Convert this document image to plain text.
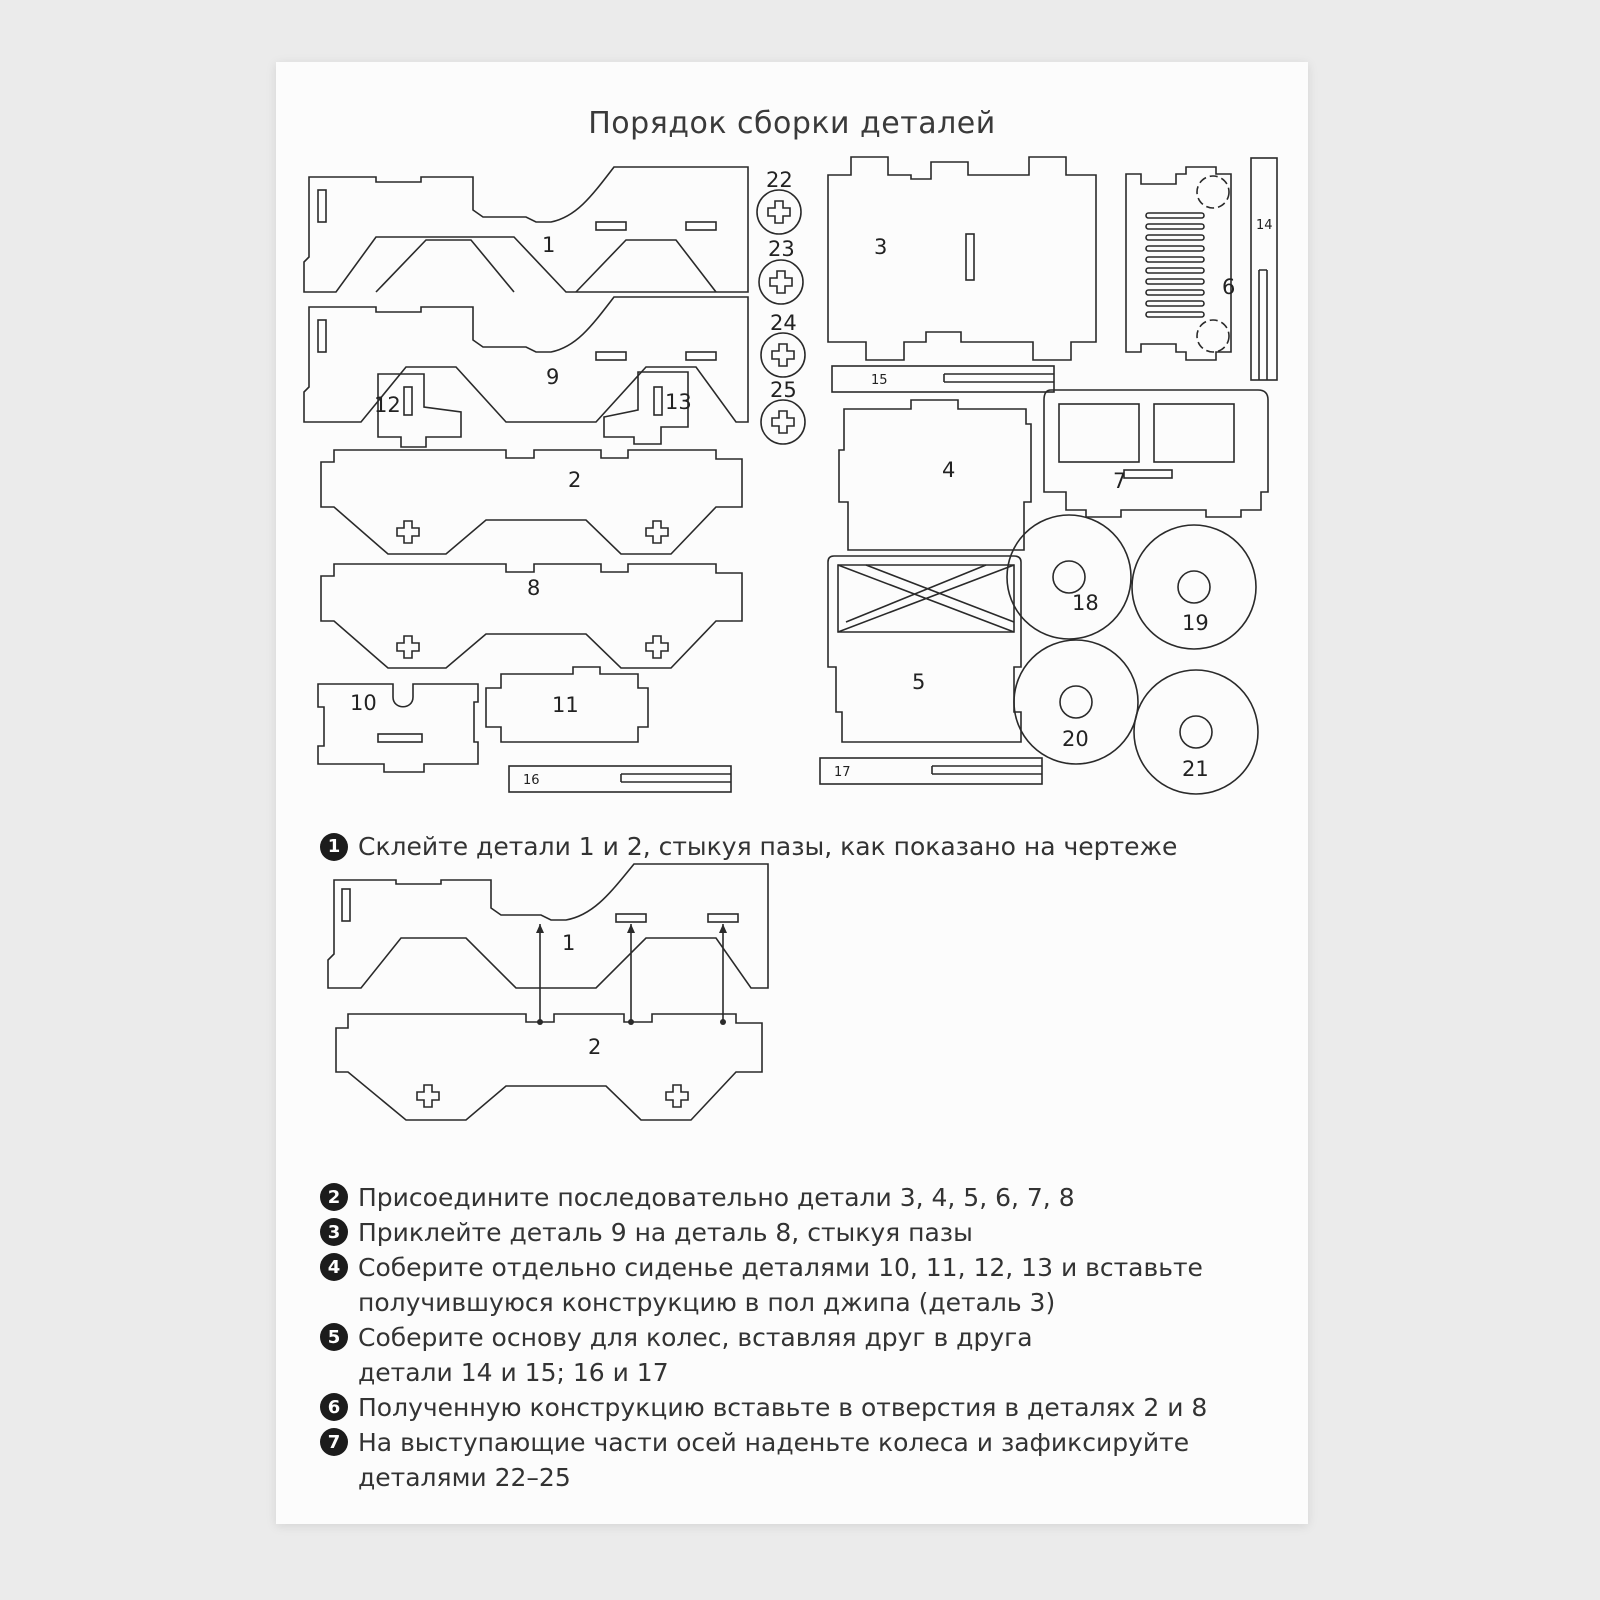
Порядок сборки деталей
1
9
12	13
2
8
10	11
16
17
22
23
24
25
3
15
6
14
4	7
5
18
19
20
21
1
2
1 Склейте детали 1 и 2, стыкуя пазы, как показано на чертеже
2 Присоедините последовательно детали 3, 4, 5, 6, 7, 8
3 Приклейте деталь 9 на деталь 8, стыкуя пазы
4 Соберите отдельно сиденье деталями 10, 11, 12, 13 и вставьте
получившуюся конструкцию в пол джипа (деталь 3)
5 Соберите основу для колес, вставляя друг в друга
детали 14 и 15; 16 и 17
6 Полученную конструкцию вставьте в отверстия в деталях 2 и 8
7 На выступающие части осей наденьте колеса и зафиксируйте
деталями 22–25
